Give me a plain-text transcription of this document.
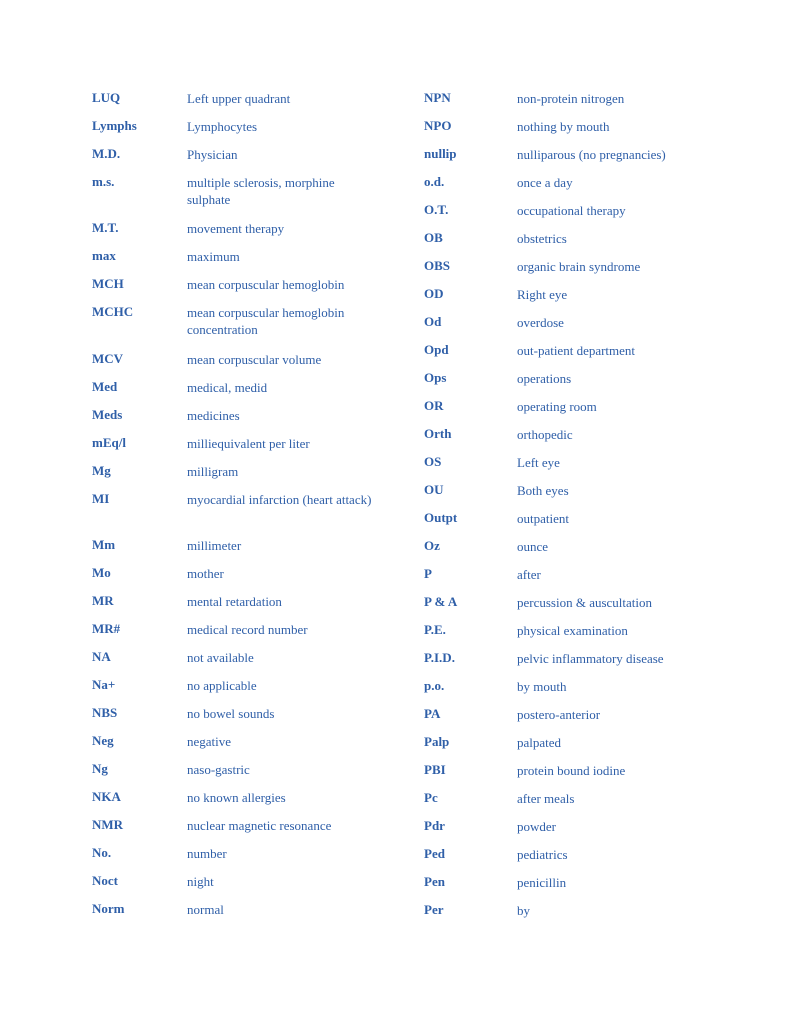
LUQ	Left upper quadrant
Lymphs	Lymphocytes
M.D.	Physician
m.s.	multiple sclerosis, morphine sulphate
M.T.	movement therapy
max	maximum
MCH	mean corpuscular hemoglobin
MCHC	mean corpuscular hemoglobin concentration
MCV	mean corpuscular volume
Med	medical, medid
Meds	medicines
mEq/l	milliequivalent per liter
Mg	milligram
MI	myocardial infarction (heart attack)
Mm	millimeter
Mo	mother
MR	mental retardation
MR#	medical record number
NA	not available
Na+	no applicable
NBS	no bowel sounds
Neg	negative
Ng	naso-gastric
NKA	no known allergies
NMR	nuclear magnetic resonance
No.	number
Noct	night
Norm	normal
NPN	non-protein nitrogen
NPO	nothing by mouth
nullip	nulliparous (no pregnancies)
o.d.	once a day
O.T.	occupational therapy
OB	obstetrics
OBS	organic brain syndrome
OD	Right eye
Od	overdose
Opd	out-patient department
Ops	operations
OR	operating room
Orth	orthopedic
OS	Left eye
OU	Both eyes
Outpt	outpatient
Oz	ounce
P	after
P & A	percussion & auscultation
P.E.	physical examination
P.I.D.	pelvic inflammatory disease
p.o.	by mouth
PA	postero-anterior
Palp	palpated
PBI	protein bound iodine
Pc	after meals
Pdr	powder
Ped	pediatrics
Pen	penicillin
Per	by
